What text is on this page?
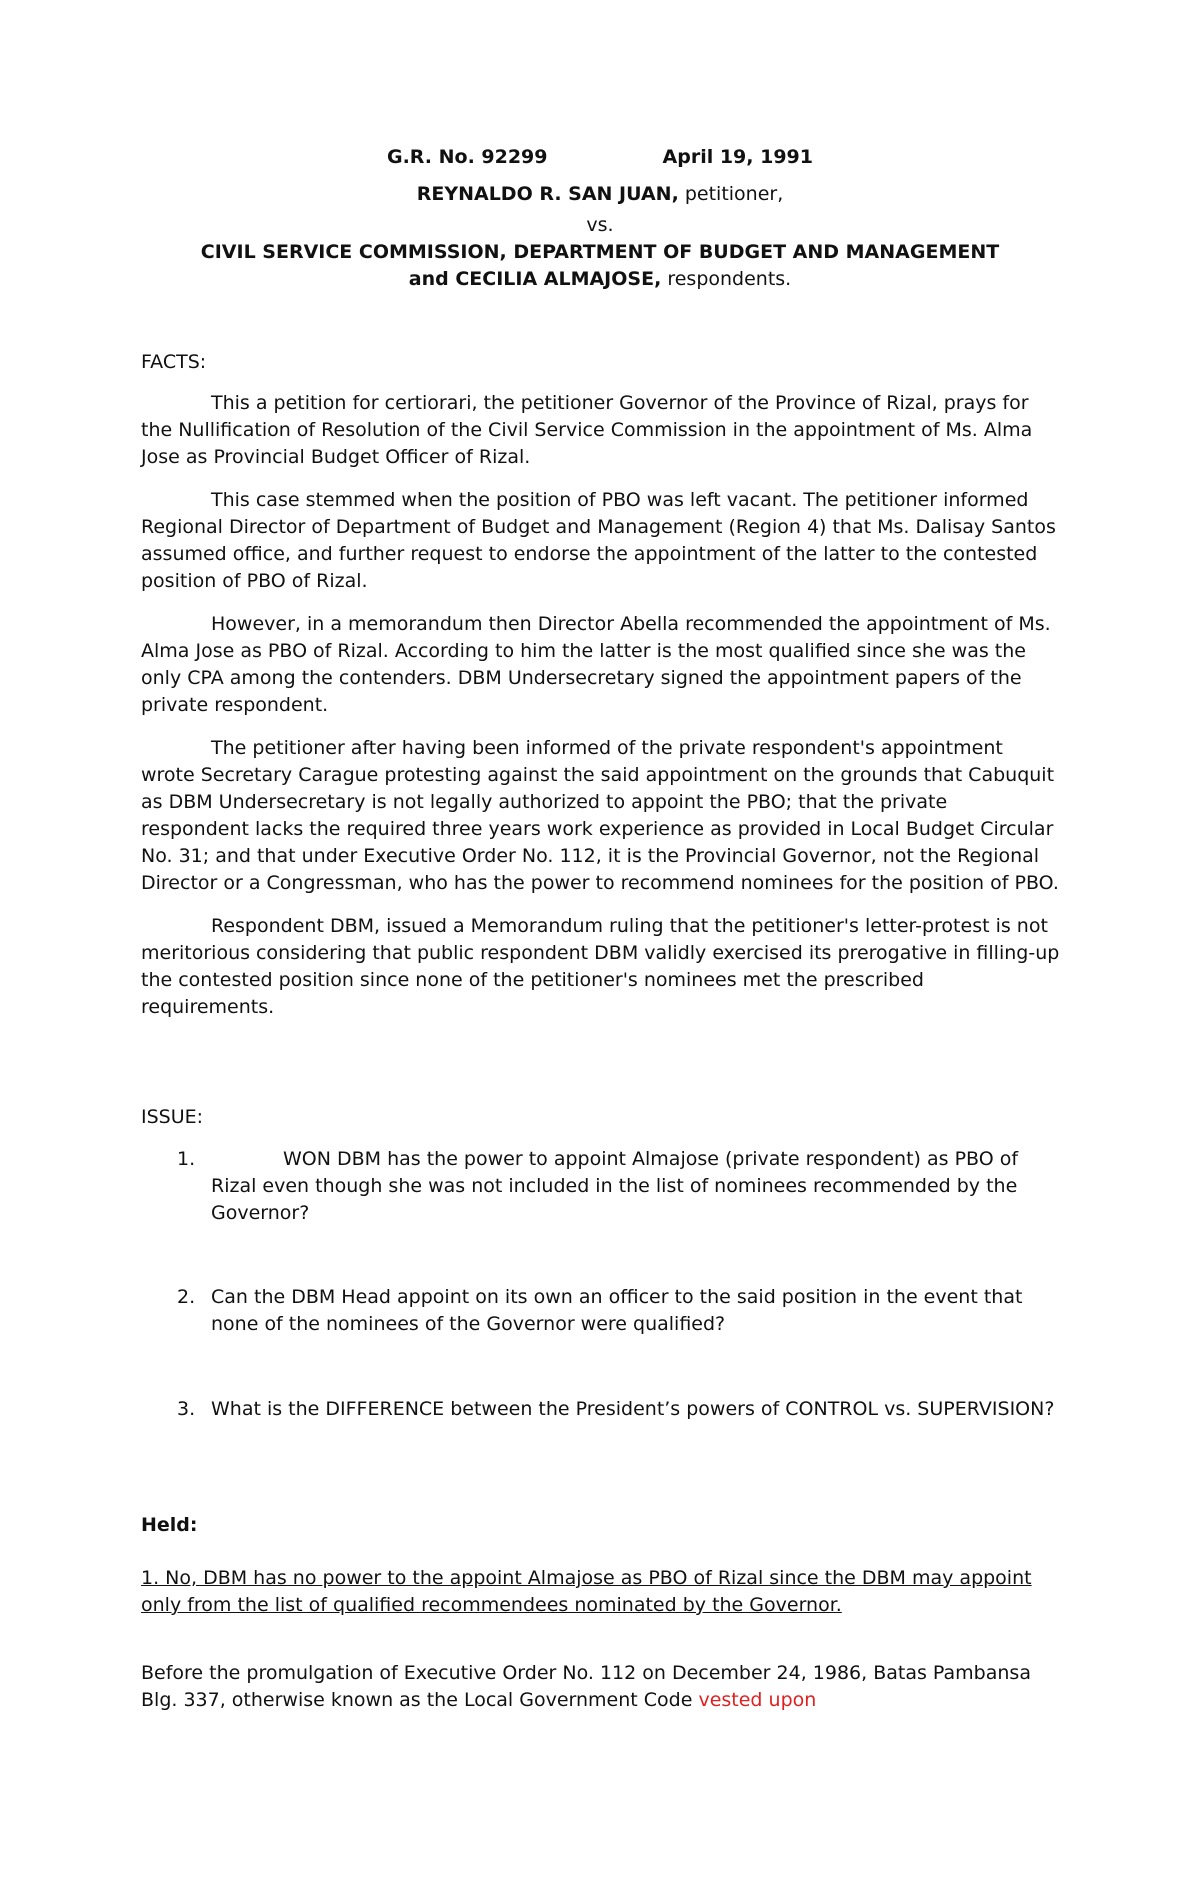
G.R. No. 92299	April 19, 1991
REYNALDO R. SAN JUAN, petitioner,
vs.
CIVIL SERVICE COMMISSION, DEPARTMENT OF BUDGET AND MANAGEMENT
and CECILIA ALMAJOSE, respondents.
FACTS:

This a petition for certiorari, the petitioner Governor of the Province of Rizal, prays for the Nullification of Resolution of the Civil Service Commission in the appointment of Ms. Alma Jose as Provincial Budget Officer of Rizal.

This case stemmed when the position of PBO was left vacant. The petitioner informed Regional Director of Department of Budget and Management (Region 4) that Ms. Dalisay Santos assumed office, and further request to endorse the appointment of the latter to the contested position of PBO of Rizal.

However, in a memorandum then Director Abella recommended the appointment of Ms. Alma Jose as PBO of Rizal. According to him the latter is the most qualified since she was the only CPA among the contenders. DBM Undersecretary signed the appointment papers of the private respondent.

The petitioner after having been informed of the private respondent's appointment wrote Secretary Carague protesting against the said appointment on the grounds that Cabuquit as DBM Undersecretary is not legally authorized to appoint the PBO; that the private respondent lacks the required three years work experience as provided in Local Budget Circular No. 31; and that under Executive Order No. 112, it is the Provincial Governor, not the Regional Director or a Congressman, who has the power to recommend nominees for the position of PBO.

Respondent DBM, issued a Memorandum ruling that the petitioner's letter-protest is not meritorious considering that public respondent DBM validly exercised its prerogative in filling-up the contested position since none of the petitioner's nominees met the prescribed requirements.

ISSUE:
1.	WON DBM has the power to appoint Almajose (private respondent) as PBO of Rizal even though she was not included in the list of nominees recommended by the Governor?
2. Can the DBM Head appoint on its own an officer to the said position in the event that none of the nominees of the Governor were qualified?
3. What is the DIFFERENCE between the President’s powers of CONTROL vs. SUPERVISION?
Held:
1. No, DBM has no power to the appoint Almajose as PBO of Rizal since the DBM may appoint only from the list of qualified recommendees nominated by the Governor.
Before the promulgation of Executive Order No. 112 on December 24, 1986, Batas Pambansa Blg. 337, otherwise known as the Local Government Code vested upon
